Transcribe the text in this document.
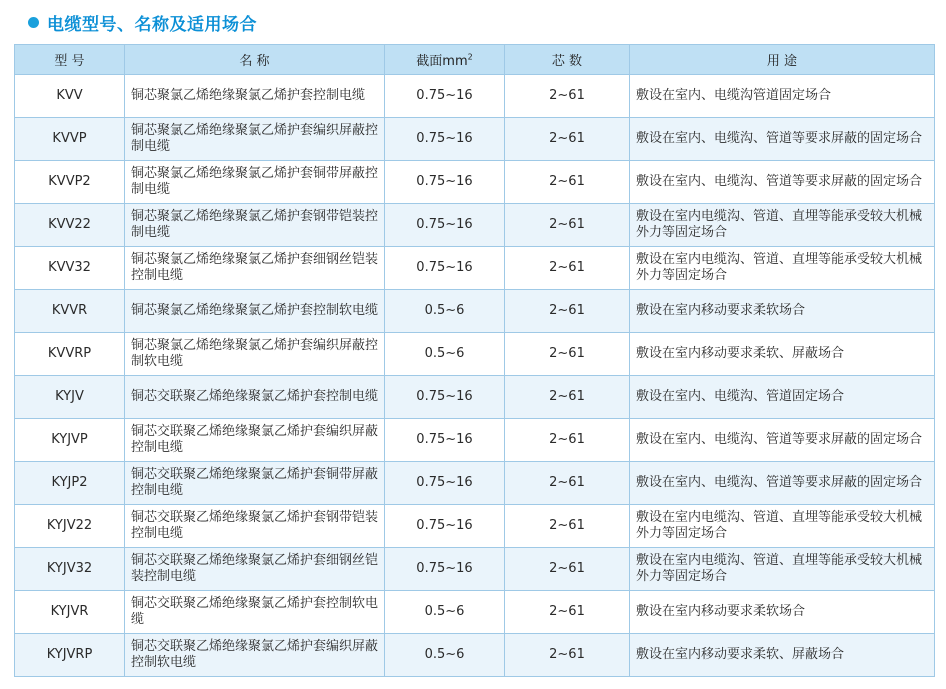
电缆型号、名称及适用场合
型 号	名 称	截面$mm^2$	芯 数	用 途
KVV	铜芯聚氯乙烯绝缘聚氯乙烯护套控制电缆	0.75~16	2~61	敷设在室内、电缆沟管道固定场合
KVVP	铜芯聚氯乙烯绝缘聚氯乙烯护套编织屏蔽控制电缆	0.75~16	2~61	敷设在室内、电缆沟、管道等要求屏蔽的固定场合
KVVP2	铜芯聚氯乙烯绝缘聚氯乙烯护套铜带屏蔽控制电缆	0.75~16	2~61	敷设在室内、电缆沟、管道等要求屏蔽的固定场合
KVV22	铜芯聚氯乙烯绝缘聚氯乙烯护套钢带铠装控制电缆	0.75~16	2~61	敷设在室内电缆沟、管道、直埋等能承受较大机械外力等固定场合
KVV32	铜芯聚氯乙烯绝缘聚氯乙烯护套细钢丝铠装控制电缆	0.75~16	2~61	敷设在室内电缆沟、管道、直埋等能承受较大机械外力等固定场合
KVVR	铜芯聚氯乙烯绝缘聚氯乙烯护套控制软电缆	0.5~6	2~61	敷设在室内移动要求柔软场合
KVVRP	铜芯聚氯乙烯绝缘聚氯乙烯护套编织屏蔽控制软电缆	0.5~6	2~61	敷设在室内移动要求柔软、屏蔽场合
KYJV	铜芯交联聚乙烯绝缘聚氯乙烯护套控制电缆	0.75~16	2~61	敷设在室内、电缆沟、管道固定场合
KYJVP	铜芯交联聚乙烯绝缘聚氯乙烯护套编织屏蔽控制电缆	0.75~16	2~61	敷设在室内、电缆沟、管道等要求屏蔽的固定场合
KYJP2	铜芯交联聚乙烯绝缘聚氯乙烯护套铜带屏蔽控制电缆	0.75~16	2~61	敷设在室内、电缆沟、管道等要求屏蔽的固定场合
KYJV22	铜芯交联聚乙烯绝缘聚氯乙烯护套钢带铠装控制电缆	0.75~16	2~61	敷设在室内电缆沟、管道、直埋等能承受较大机械外力等固定场合
KYJV32	铜芯交联聚乙烯绝缘聚氯乙烯护套细钢丝铠装控制电缆	0.75~16	2~61	敷设在室内电缆沟、管道、直埋等能承受较大机械外力等固定场合
KYJVR	铜芯交联聚乙烯绝缘聚氯乙烯护套控制软电缆	0.5~6	2~61	敷设在室内移动要求柔软场合
KYJVRP	铜芯交联聚乙烯绝缘聚氯乙烯护套编织屏蔽控制软电缆	0.5~6	2~61	敷设在室内移动要求柔软、屏蔽场合
